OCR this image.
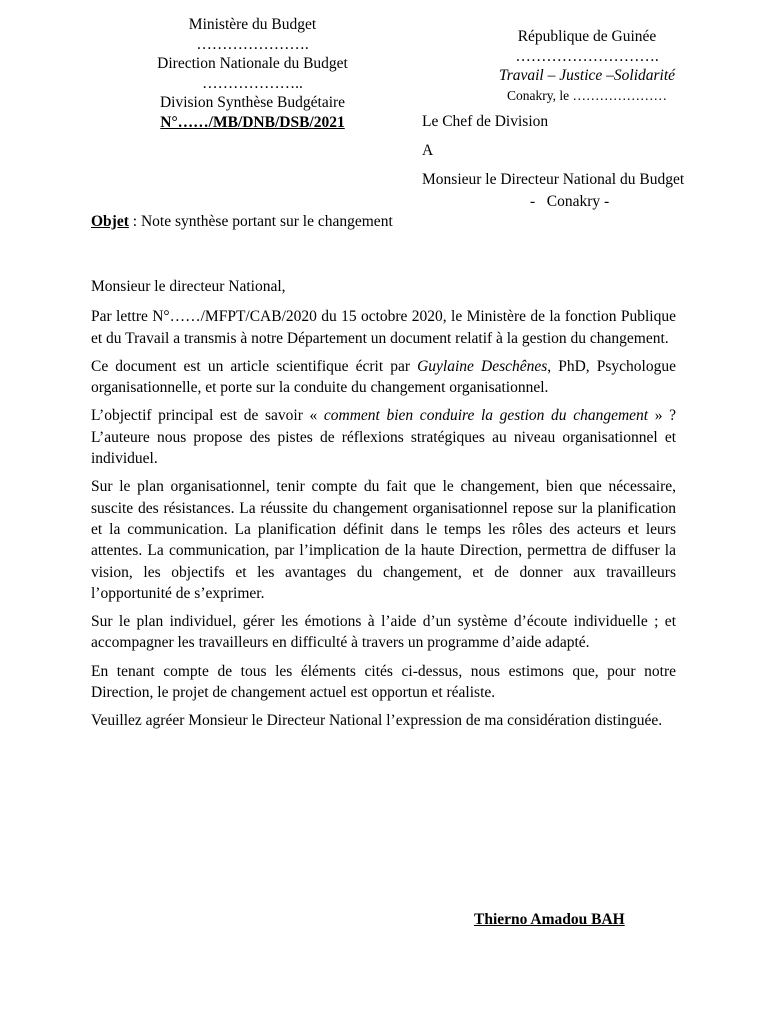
Ministère du Budget
………………….
Direction Nationale du Budget
………………..
Division Synthèse Budgétaire
N°……/MB/DNB/DSB/2021
République de Guinée
……………………….
Travail – Justice –Solidarité
Conakry, le …………………
Le Chef de Division
A
Monsieur le Directeur National du Budget
-   Conakry -
Objet : Note synthèse portant sur le changement

Monsieur le directeur National,

Par lettre N°……/MFPT/CAB/2020 du 15 octobre 2020, le Ministère de la fonction Publique et du Travail a transmis à notre Département un document relatif à la gestion du changement.

Ce document est un article scientifique écrit par Guylaine Deschênes, PhD, Psychologue organisationnelle, et porte sur la conduite du changement organisationnel.

L’objectif principal est de savoir « comment bien conduire la gestion du changement » ? L’auteure nous propose des pistes de réflexions stratégiques au niveau organisationnel et individuel.

Sur le plan organisationnel, tenir compte du fait que le changement, bien que nécessaire, suscite des résistances. La réussite du changement organisationnel repose sur la planification et la communication. La planification définit dans le temps les rôles des acteurs et leurs attentes. La communication, par l’implication de la haute Direction, permettra de diffuser la vision, les objectifs et les avantages du changement, et de donner aux travailleurs l’opportunité de s’exprimer.

Sur le plan individuel, gérer les émotions à l’aide d’un système d’écoute individuelle ; et accompagner les travailleurs en difficulté à travers un programme d’aide adapté.

En tenant compte de tous les éléments cités ci-dessus, nous estimons que, pour notre Direction, le projet de changement actuel est opportun et réaliste.

Veuillez agréer Monsieur le Directeur National l’expression de ma considération distinguée.

Thierno Amadou BAH
